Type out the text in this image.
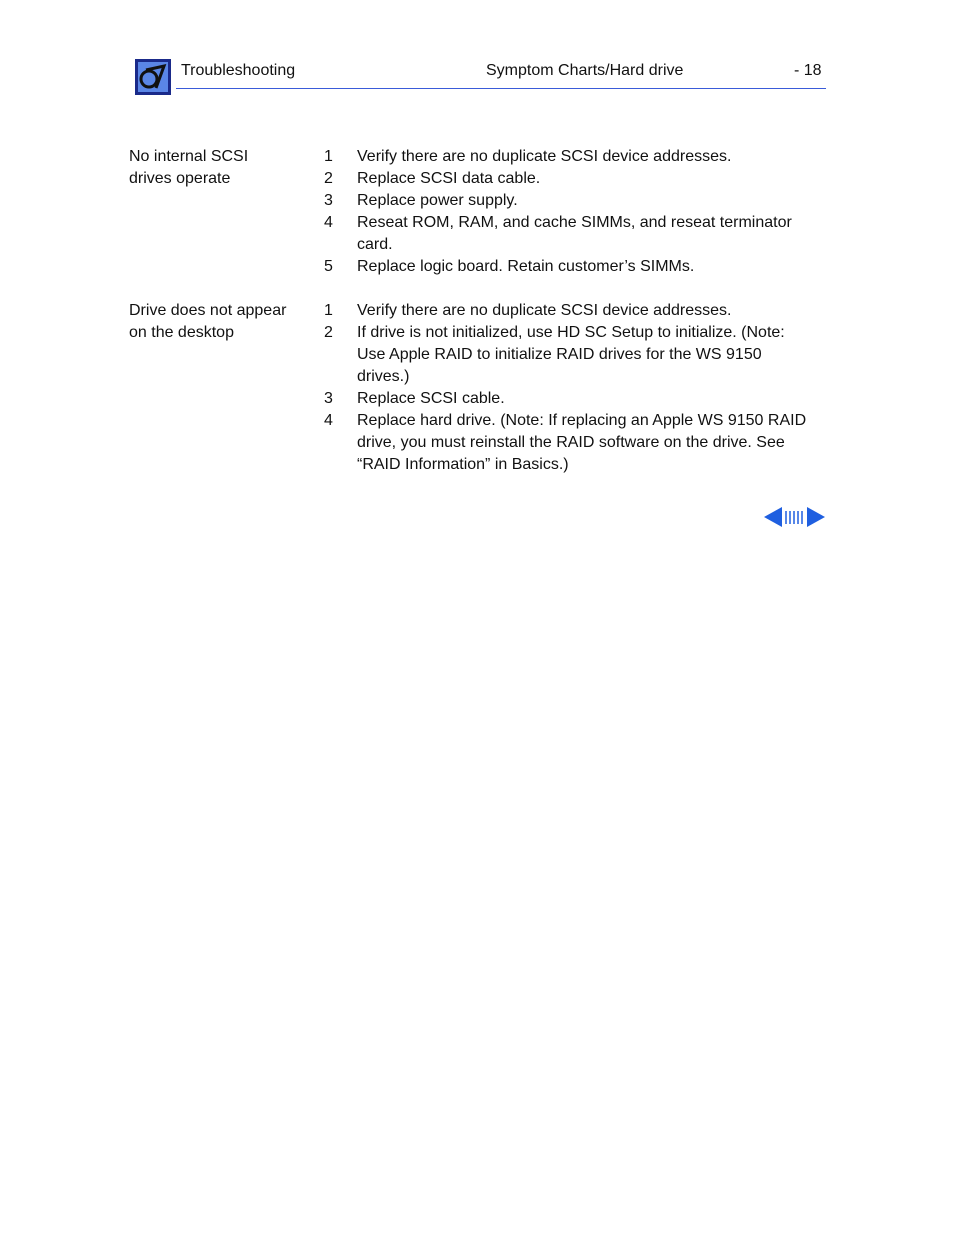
Troubleshooting	Symptom Charts/Hard drive	- 18
No internal SCSI
drives operate
1	Verify there are no duplicate SCSI device addresses.
2	Replace SCSI data cable.
3	Replace power supply.
4	Reseat ROM, RAM, and cache SIMMs, and reseat terminator card.
5	Replace logic board. Retain customer’s SIMMs.
Drive does not appear
on the desktop
1	Verify there are no duplicate SCSI device addresses.
2	If drive is not initialized, use HD SC Setup to initialize. (Note: Use Apple RAID to initialize RAID drives for the WS 9150 drives.)
3	Replace SCSI cable.
4	Replace hard drive. (Note: If replacing an Apple WS 9150 RAID drive, you must reinstall the RAID software on the drive. See “RAID Information” in Basics.)
